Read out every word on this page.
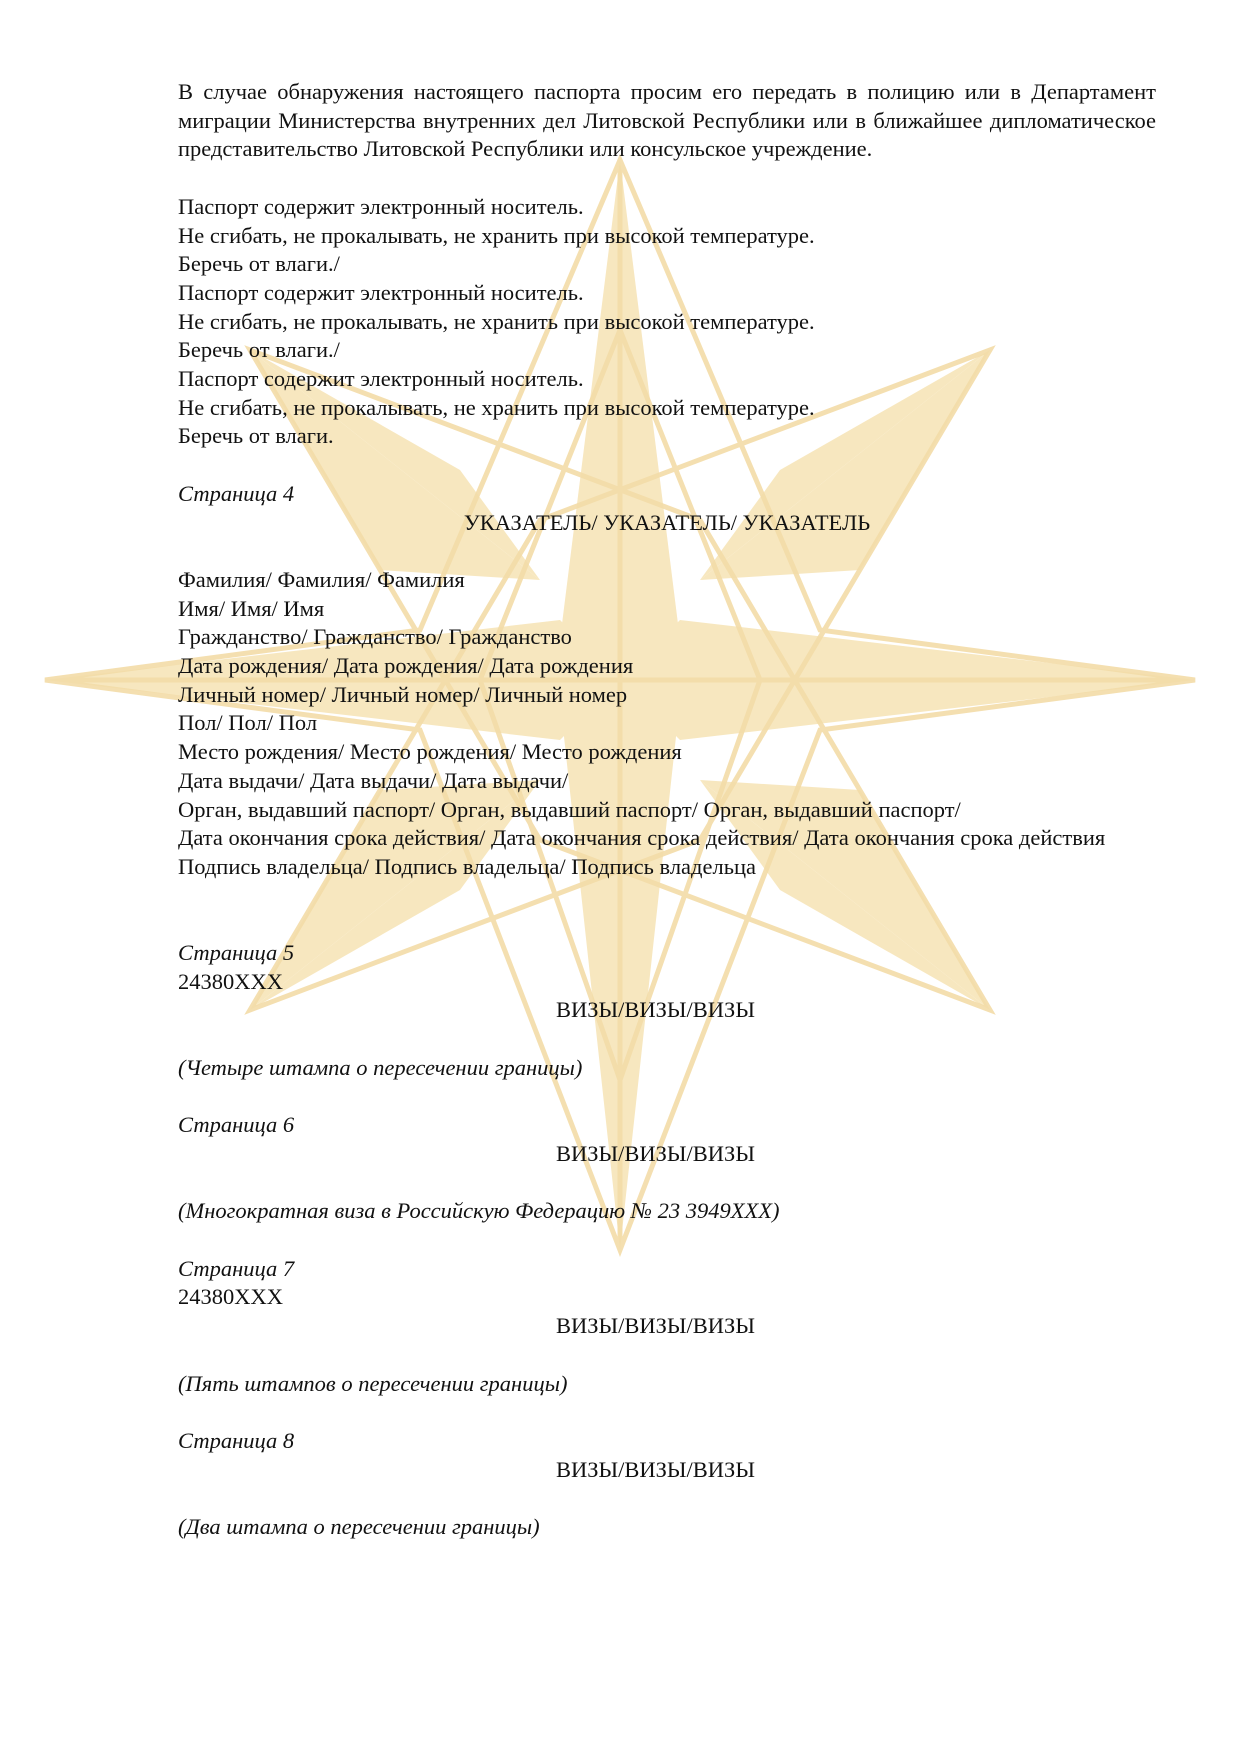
В случае обнаружения настоящего паспорта просим его передать в полицию или в Департамент миграции Министерства внутренних дел Литовской Республики или в ближайшее дипломатическое представительство Литовской Республики или консульское учреждение.

Паспорт содержит электронный носитель.

Не сгибать, не прокалывать, не хранить при высокой температуре.

Беречь от влаги./

Паспорт содержит электронный носитель.

Не сгибать, не прокалывать, не хранить при высокой температуре.

Беречь от влаги./

Паспорт содержит электронный носитель.

Не сгибать, не прокалывать, не хранить при высокой температуре.

Беречь от влаги.

Страница 4

УКАЗАТЕЛЬ/ УКАЗАТЕЛЬ/ УКАЗАТЕЛЬ

Фамилия/ Фамилия/ Фамилия

Имя/ Имя/ Имя

Гражданство/ Гражданство/ Гражданство

Дата рождения/ Дата рождения/ Дата рождения

Личный номер/ Личный номер/ Личный номер

Пол/ Пол/ Пол

Место рождения/ Место рождения/ Место рождения

Дата выдачи/ Дата выдачи/ Дата выдачи/

Орган, выдавший паспорт/ Орган, выдавший паспорт/ Орган, выдавший паспорт/

Дата окончания срока действия/ Дата окончания срока действия/ Дата окончания срока действия

Подпись владельца/ Подпись владельца/ Подпись владельца

Страница 5

24380XXX

ВИЗЫ/ВИЗЫ/ВИЗЫ

(Четыре штампа о пересечении границы)

Страница 6

ВИЗЫ/ВИЗЫ/ВИЗЫ

(Многократная виза в Российскую Федерацию № 23 3949XXX)

Страница 7

24380XXX

ВИЗЫ/ВИЗЫ/ВИЗЫ

(Пять штампов о пересечении границы)

Страница 8

ВИЗЫ/ВИЗЫ/ВИЗЫ

(Два штампа о пересечении границы)
